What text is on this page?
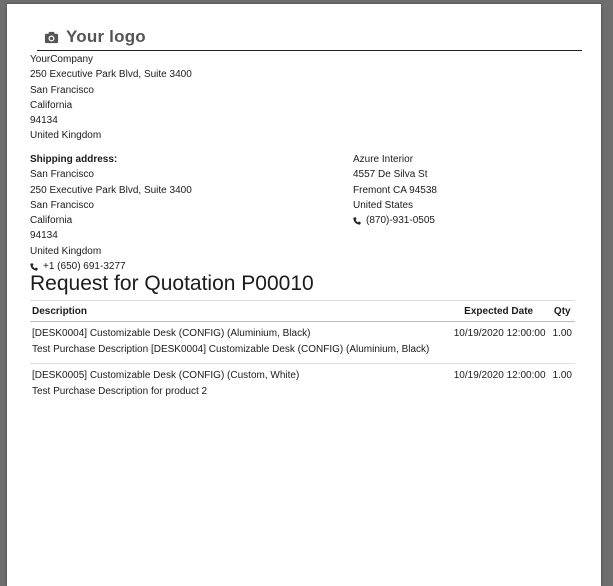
Your logo
YourCompany
250 Executive Park Blvd, Suite 3400
San Francisco
California
94134
United Kingdom
Shipping address:
San Francisco
250 Executive Park Blvd, Suite 3400
San Francisco
California
94134
United Kingdom
+1 (650) 691-3277
Azure Interior
4557 De Silva St
Fremont CA 94538
United States
(870)-931-0505
Request for Quotation P00010
Description	Expected Date	Qty

[DESK0004] Customizable Desk (CONFIG) (Aluminium, Black)
Test Purchase Description [DESK0004] Customizable Desk (CONFIG) (Aluminium, Black)	10/19/2020 12:00:00	1.00

[DESK0005] Customizable Desk (CONFIG) (Custom, White)
Test Purchase Description for product 2	10/19/2020 12:00:00	1.00
